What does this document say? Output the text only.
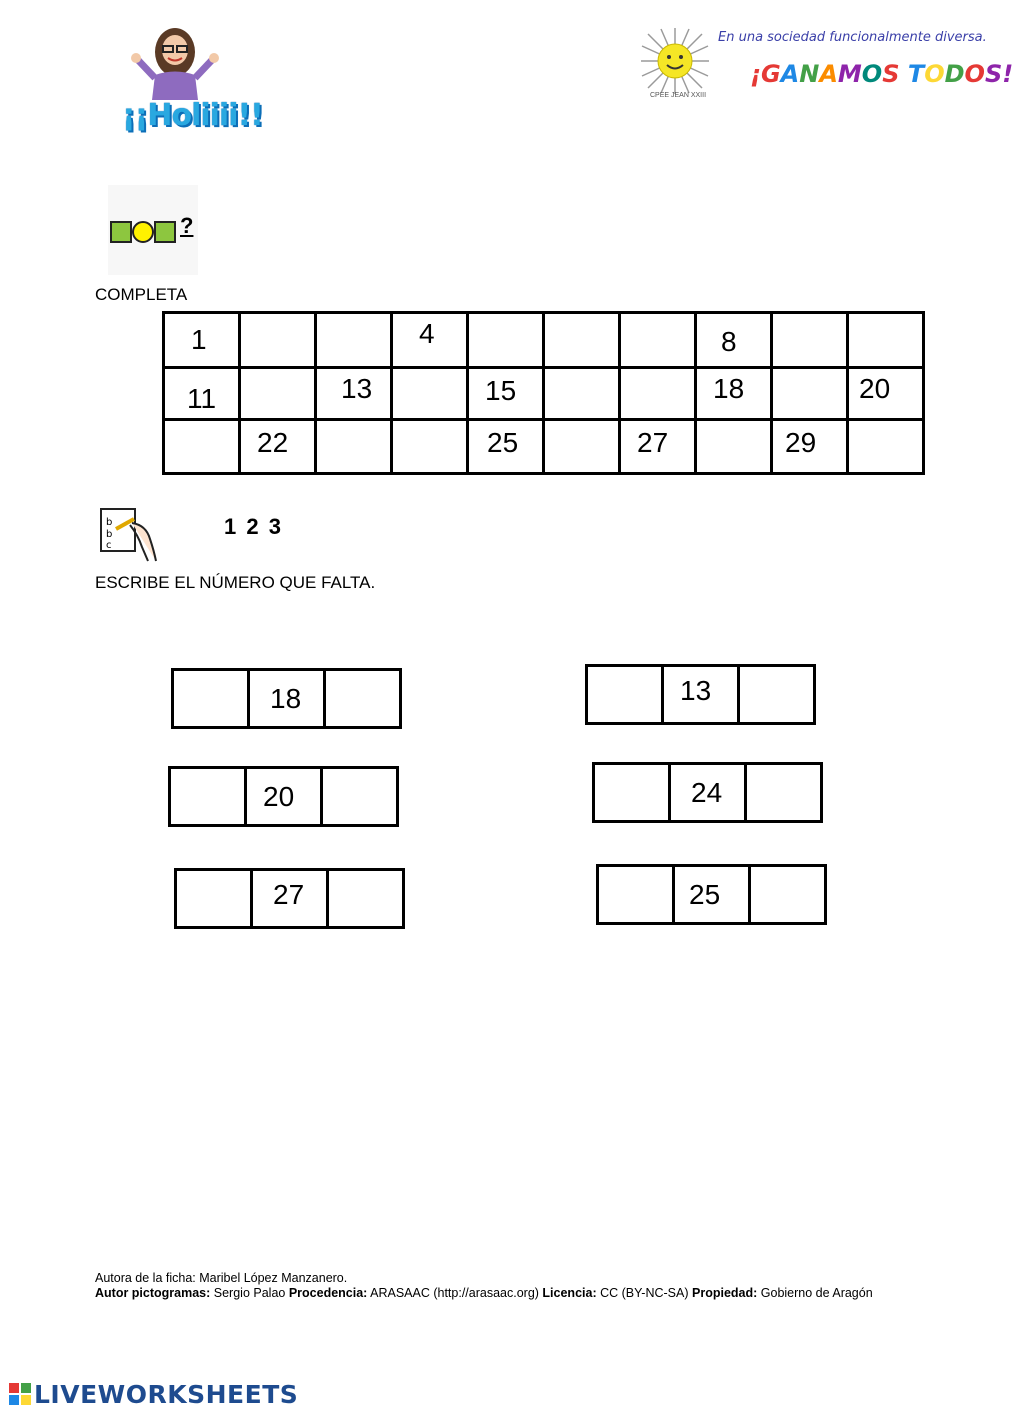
¡¡Holiiii!!
En una sociedad funcionalmente diversa.
¡GANAMOS TODOS!
CPEE JEAN XXIII
?
COMPLETA
1			4				8		

11		13		15			18		20

	22			25		27		29	

b
b
c
1 2 3
ESCRIBE EL NÚMERO QUE FALTA.

18

20

27

13

24

25

Autora de la ficha: Maribel López Manzanero.
Autor pictogramas: Sergio Palao Procedencia: ARASAAC (http://arasaac.org) Licencia: CC (BY-NC-SA) Propiedad: Gobierno de Aragón
LIVEWORKSHEETS
